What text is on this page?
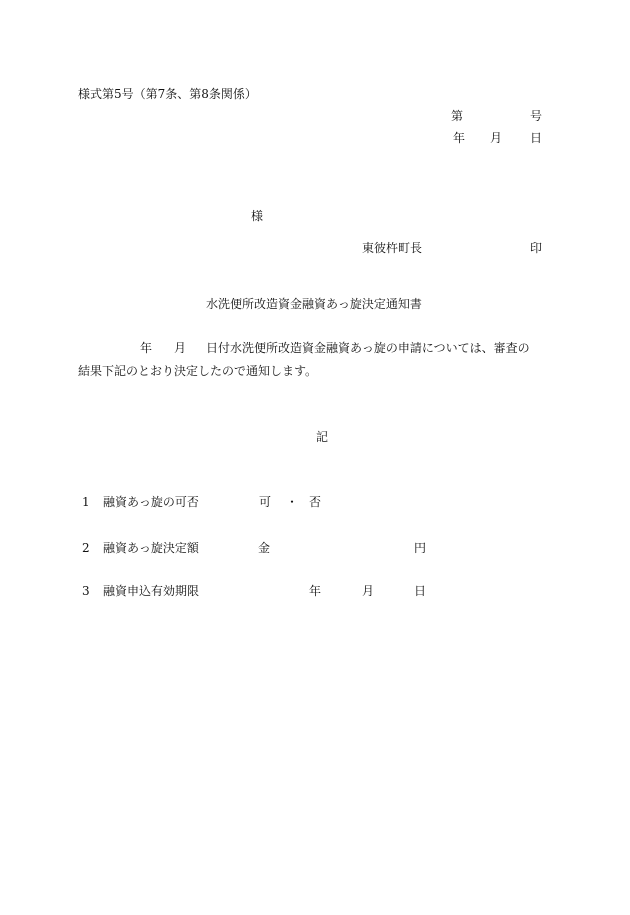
様式第5号（第7条、第8条関係）
第	号
年 月 日
様
東彼杵町長	印
水洗便所改造資金融資あっ旋決定通知書
年 月 日付水洗便所改造資金融資あっ旋の申請については、審査の
結果下記のとおり決定したので通知します。
記
1 融資あっ旋の可否	可 ・ 否
2 融資あっ旋決定額	金	円
3 融資申込有効期限	年	月	日
